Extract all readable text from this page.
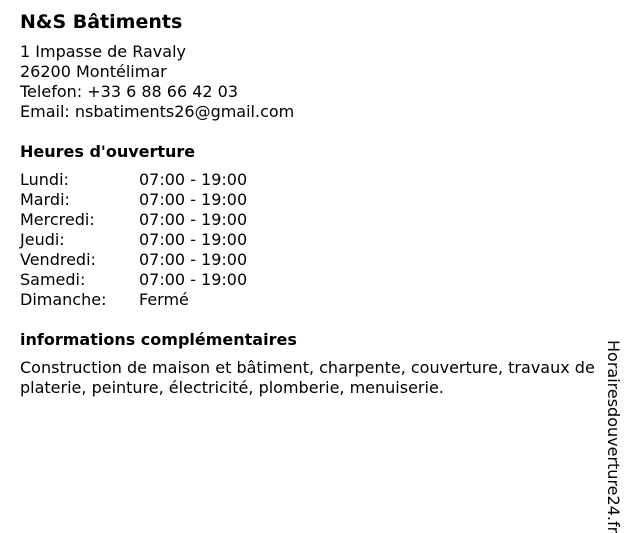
N&S Bâtiments
1 Impasse de Ravaly
26200 Montélimar
Telefon: +33 6 88 66 42 03
Email: nsbatiments26@gmail.com
Heures d'ouverture
Lundi:	07:00 - 19:00
Mardi:	07:00 - 19:00
Mercredi:	07:00 - 19:00
Jeudi:	07:00 - 19:00
Vendredi:	07:00 - 19:00
Samedi:	07:00 - 19:00
Dimanche:	Fermé
informations complémentaires
Construction de maison et bâtiment, charpente, couverture, travaux de platerie, peinture, électricité, plomberie, menuiserie.	Horairesdouverture24.fr
